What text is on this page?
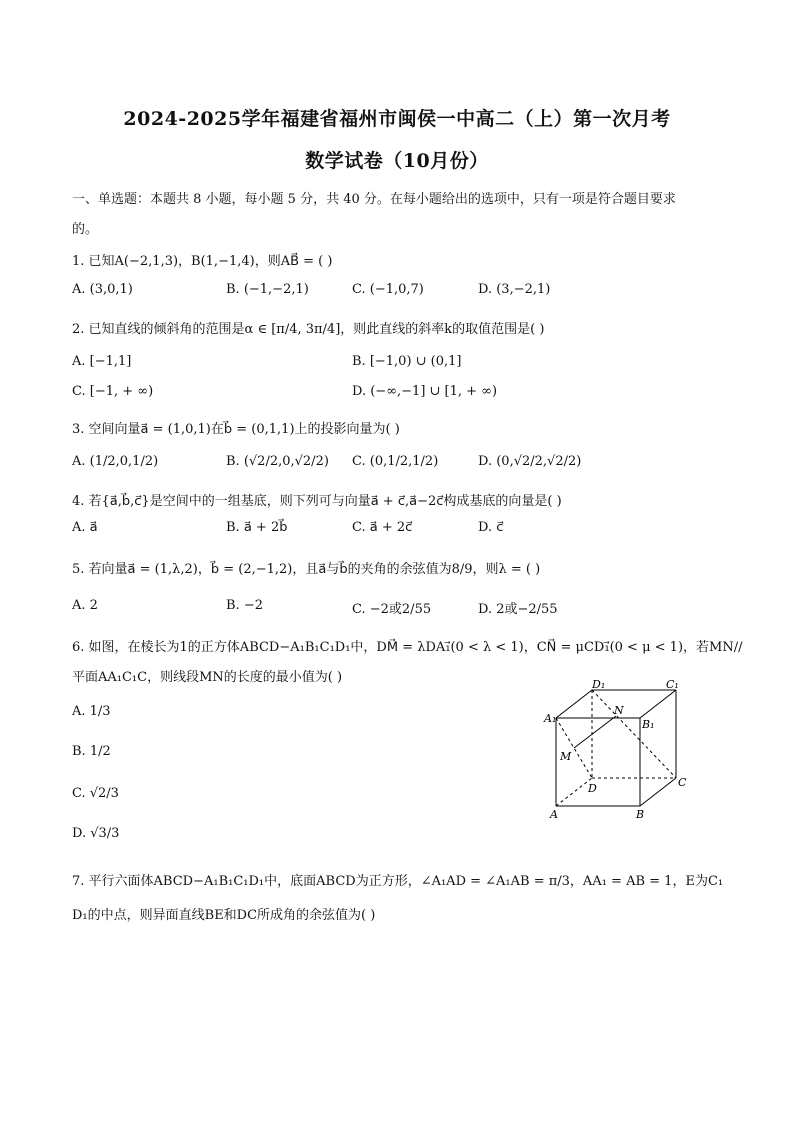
2024-2025学年福建省福州市闽侯一中高二（上）第一次月考
数学试卷（10月份）
一、单选题：本题共 8 小题，每小题 5 分，共 40 分。在每小题给出的选项中，只有一项是符合题目要求
的。
1. 已知A(−2,1,3)，B(1,−1,4)，则AB⃗ = ( )
A. (3,0,1)	B. (−1,−2,1)	C. (−1,0,7)	D. (3,−2,1)
2. 已知直线的倾斜角的范围是α ∈ [π/4, 3π/4]，则此直线的斜率k的取值范围是( )
A. [−1,1]	B. [−1,0) ∪ (0,1]
C. [−1, + ∞)	D. (−∞,−1] ∪ [1, + ∞)
3. 空间向量a⃗ = (1,0,1)在b⃗ = (0,1,1)上的投影向量为( )
A. (1/2,0,1/2)	B. (√2/2,0,√2/2) C. (0,1/2,1/2)	D. (0,√2/2,√2/2)
4. 若{a⃗,b⃗,c⃗}是空间中的一组基底，则下列可与向量a⃗ + c⃗,a⃗−2c⃗构成基底的向量是( )
A. a⃗	B. a⃗ + 2b⃗	C. a⃗ + 2c⃗	D. c⃗
5. 若向量a⃗ = (1,λ,2)，b⃗ = (2,−1,2)，且a⃗与b⃗的夹角的余弦值为8/9，则λ = ( )
A. 2	B. −2	C. −2或2/55	D. 2或−2/55
6. 如图，在棱长为1的正方体ABCD−A₁B₁C₁D₁中，DM⃗ = λDA₁⃗(0 < λ < 1)，CN⃗ = μCD₁⃗(0 < μ < 1)，若MN//
平面AA₁C₁C，则线段MN的长度的最小值为( )
A. 1/3
B. 1/2
C. √2/3
D. √3/3
A₁	B₁
D₁	C₁
N
M
D	C
A	B
7. 平行六面体ABCD−A₁B₁C₁D₁中，底面ABCD为正方形，∠A₁AD = ∠A₁AB = π/3，AA₁ = AB = 1，E为C₁
D₁的中点，则异面直线BE和DC所成角的余弦值为( )
